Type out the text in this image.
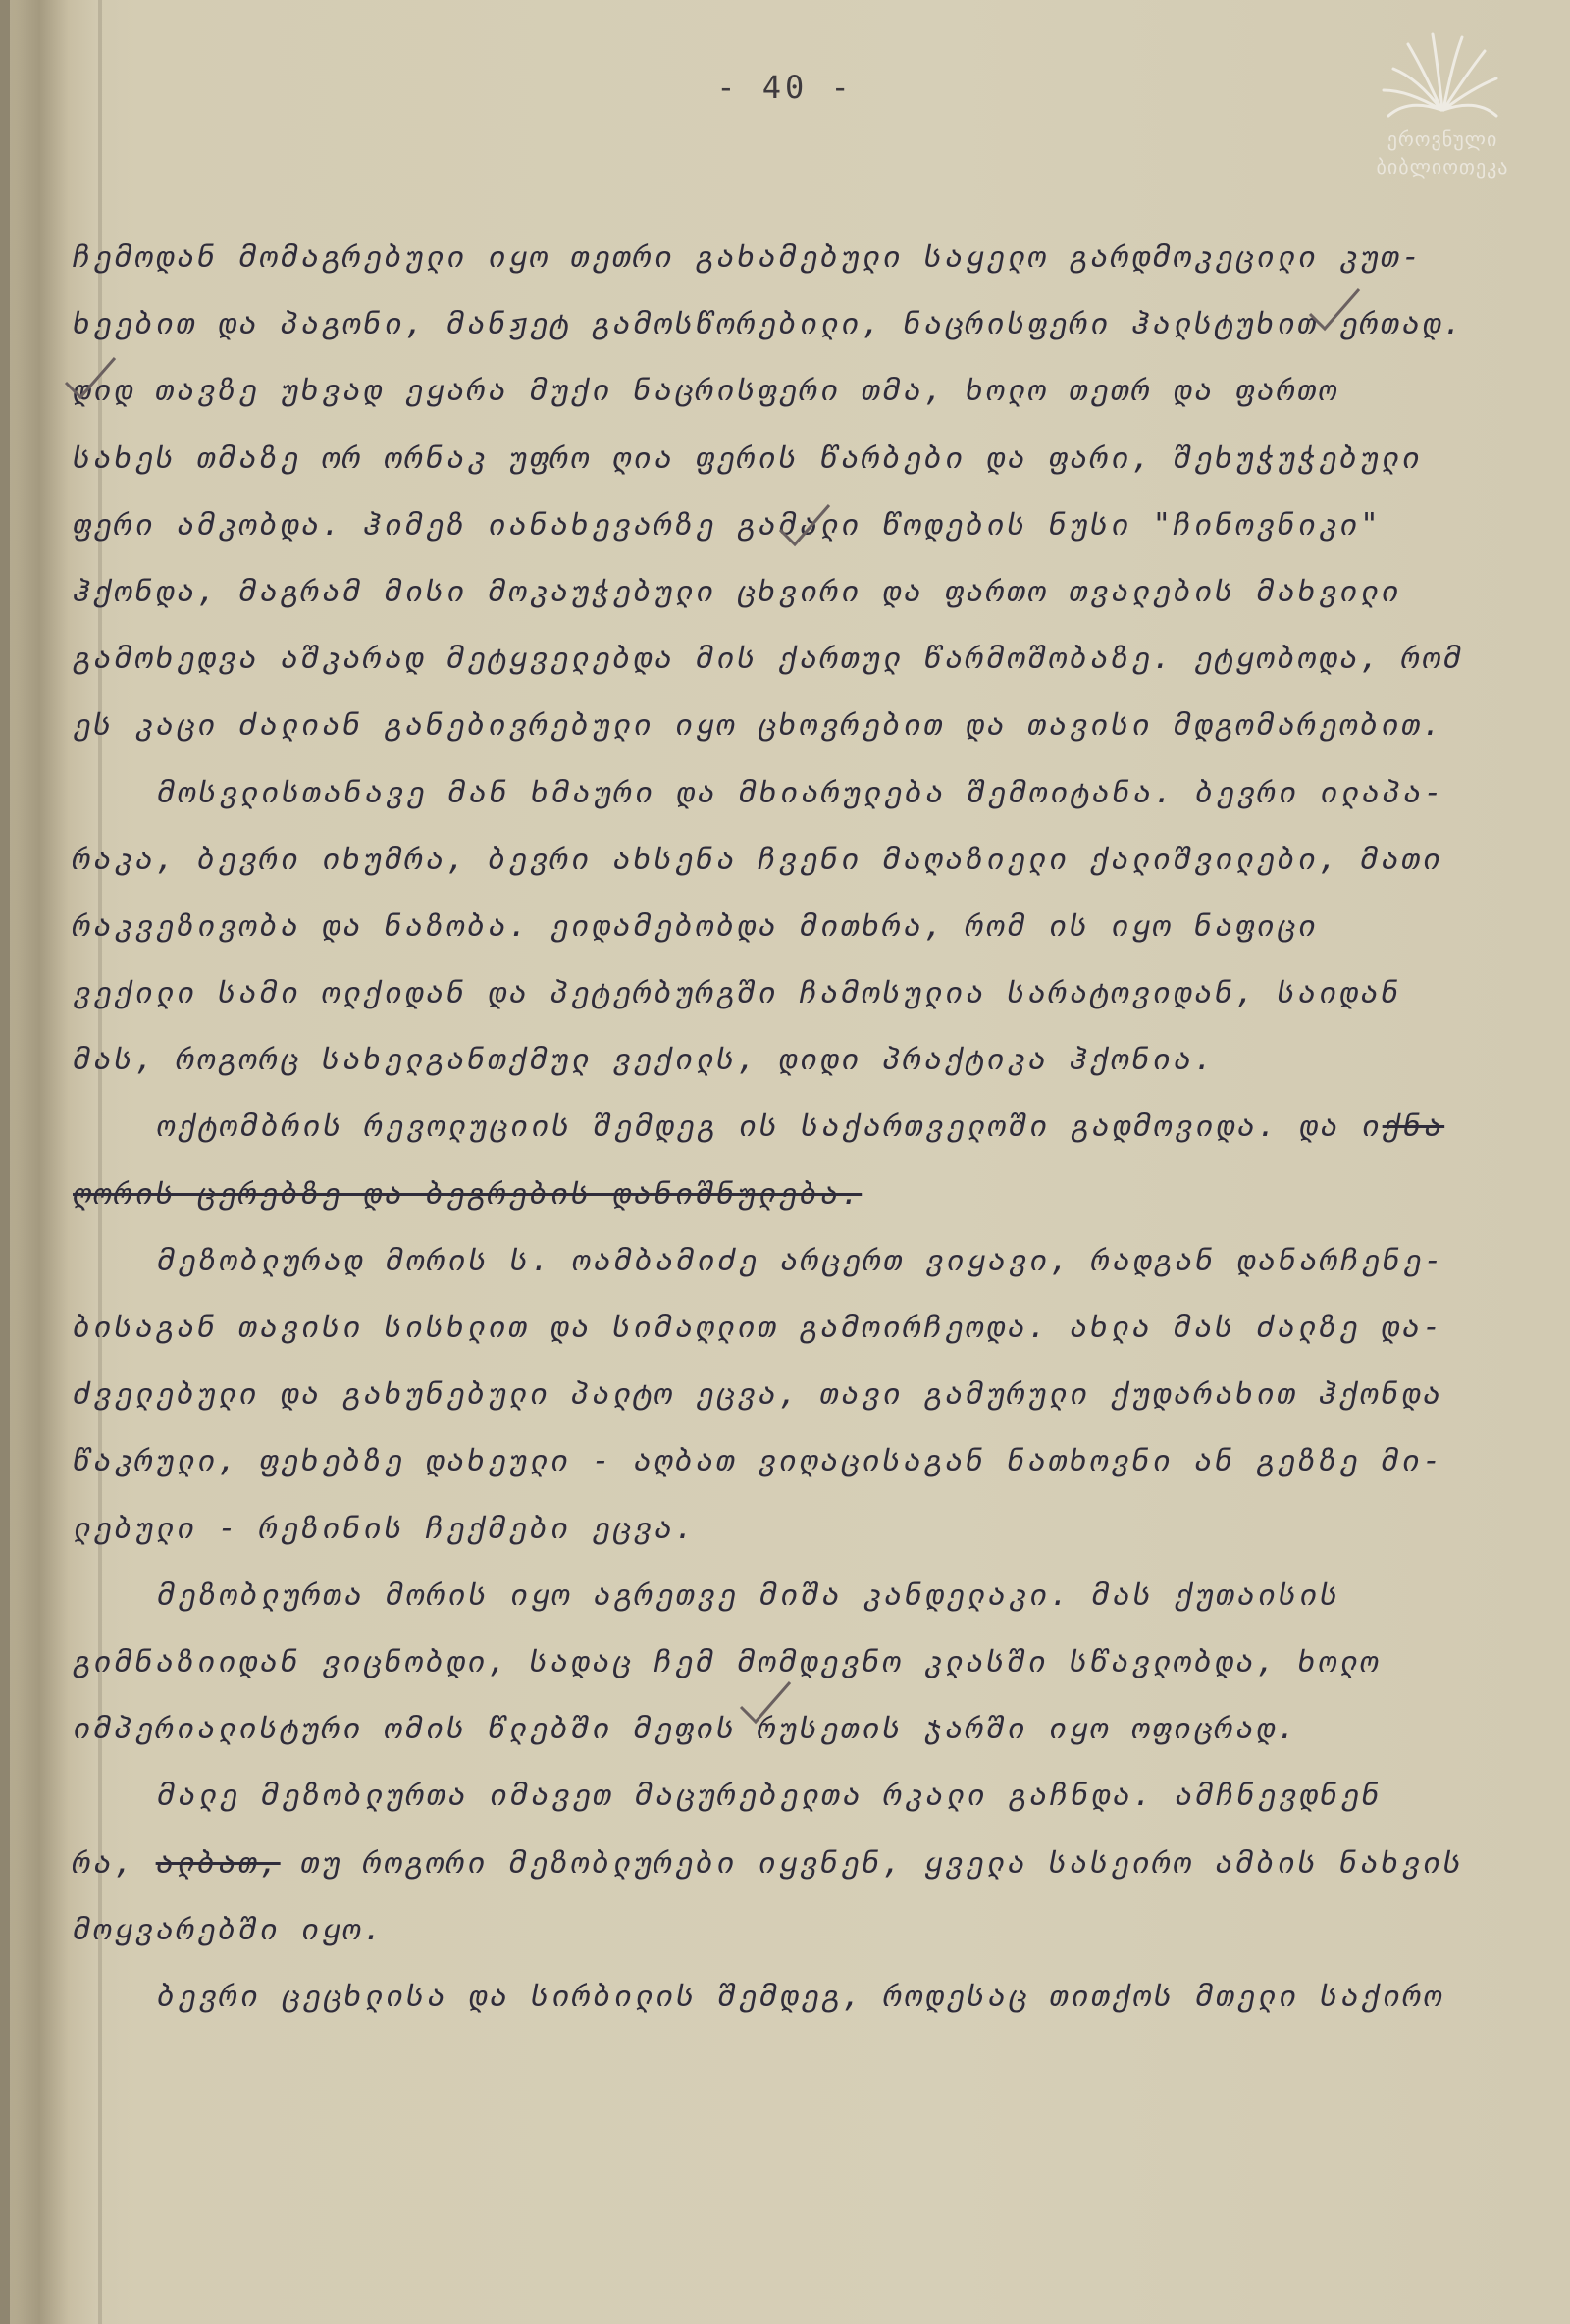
- 40 -
ეროვნული
ბიბლიოთეკა
ჩემოდან მომაგრებული იყო თეთრი გახამებული საყელო გარდმოკეცილი კუთ-
ხეებით და პაგონი, მანჟეტ გამოსწორებილი, ნაცრისფერი ჰალსტუხით ერთად.
დიდ თავზე უხვად ეყარა მუქი ნაცრისფერი თმა, ხოლო თეთრ და ფართო
სახეს თმაზე ორ ორნაკ უფრო ღია ფერის წარბები და ფარი, შეხუჭუჭებული
ფერი ამკობდა. ჰიმეზ იანახევარზე გამალი წოდების ნუსი "ჩინოვნიკი"
ჰქონდა, მაგრამ მისი მოკაუჭებული ცხვირი და ფართო თვალების მახვილი
გამოხედვა აშკარად მეტყველებდა მის ქართულ წარმოშობაზე. ეტყობოდა, რომ
ეს კაცი ძალიან განებივრებული იყო ცხოვრებით და თავისი მდგომარეობით.
მოსვლისთანავე მან ხმაური და მხიარულება შემოიტანა. ბევრი ილაპა-
რაკა, ბევრი იხუმრა, ბევრი ახსენა ჩვენი მაღაზიელი ქალიშვილები, მათი
რაკვეზივობა და ნაზობა. ეიდამებობდა მითხრა, რომ ის იყო ნაფიცი
ვექილი სამი ოლქიდან და პეტერბურგში ჩამოსულია სარატოვიდან, საიდან
მას, როგორც სახელგანთქმულ ვექილს, დიდი პრაქტიკა ჰქონია.
ოქტომბრის რევოლუციის შემდეგ ის საქართველოში გადმოვიდა. და იქნა
ღორის ცერებზე და ბეგრების დანიშნულება.
მეზობლურად მორის ს. ოამბამიძე არცერთ ვიყავი, რადგან დანარჩენე-
ბისაგან თავისი სისხლით და სიმაღლით გამოირჩეოდა. ახლა მას ძალზე და-
ძველებული და გახუნებული პალტო ეცვა, თავი გამურული ქუდარახით ჰქონდა
წაკრული, ფეხებზე დახეული - აღბათ ვიღაცისაგან ნათხოვნი ან გეზზე მი-
ლებული - რეზინის ჩექმები ეცვა.
მეზობლურთა მორის იყო აგრეთვე მიშა კანდელაკი. მას ქუთაისის
გიმნაზიიდან ვიცნობდი, სადაც ჩემ მომდევნო კლასში სწავლობდა, ხოლო
იმპერიალისტური ომის წლებში მეფის რუსეთის ჯარში იყო ოფიცრად.
მალე მეზობლურთა იმავეთ მაცურებელთა რკალი გაჩნდა. ამჩნევდნენ
რა, ალბათ, თუ როგორი მეზობლურები იყვნენ, ყველა სასეირო ამბის ნახვის
მოყვარებში იყო.
ბევრი ცეცხლისა და სირბილის შემდეგ, როდესაც თითქოს მთელი საქირო
